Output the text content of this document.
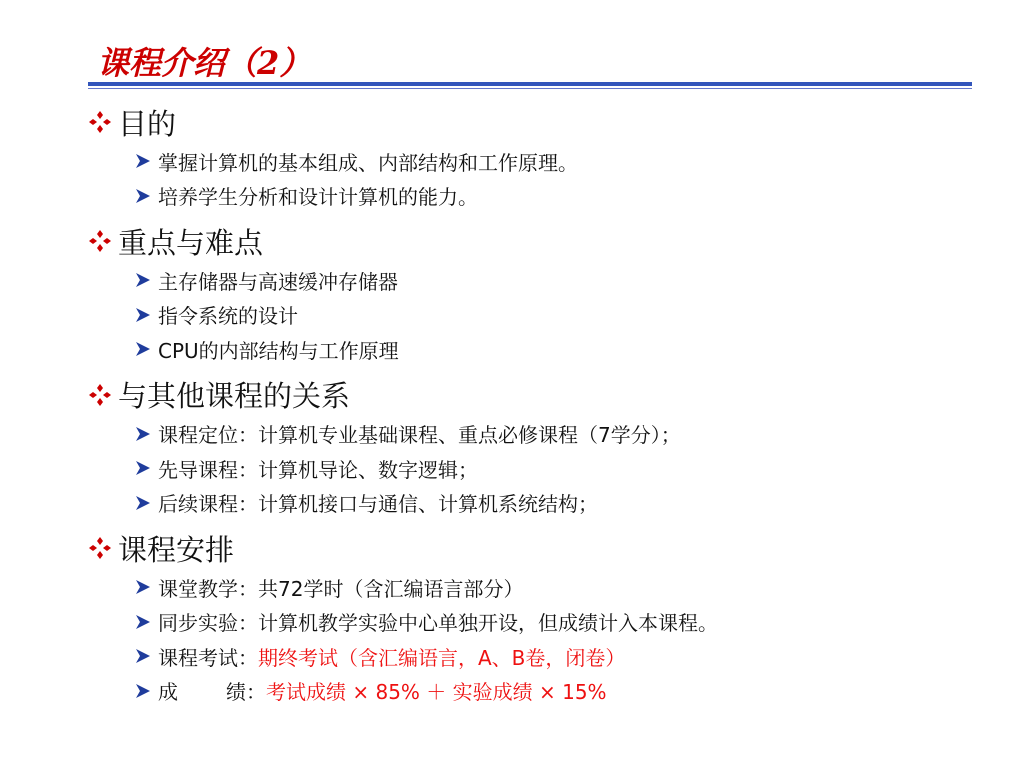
课程介绍（2）
目的
掌握计算机的基本组成、内部结构和工作原理。
培养学生分析和设计计算机的能力。
重点与难点
主存储器与高速缓冲存储器
指令系统的设计
CPU的内部结构与工作原理
与其他课程的关系
课程定位：计算机专业基础课程、重点必修课程（7学分）；
先导课程：计算机导论、数字逻辑；
后续课程：计算机接口与通信、计算机系统结构；
课程安排
课堂教学：共72学时（含汇编语言部分）
同步实验：计算机教学实验中心单独开设，但成绩计入本课程。
课程考试： 期终考试（含汇编语言，A、B卷，闭卷）
成 绩： 考试成绩 × 85% ＋ 实验成绩 × 15%
